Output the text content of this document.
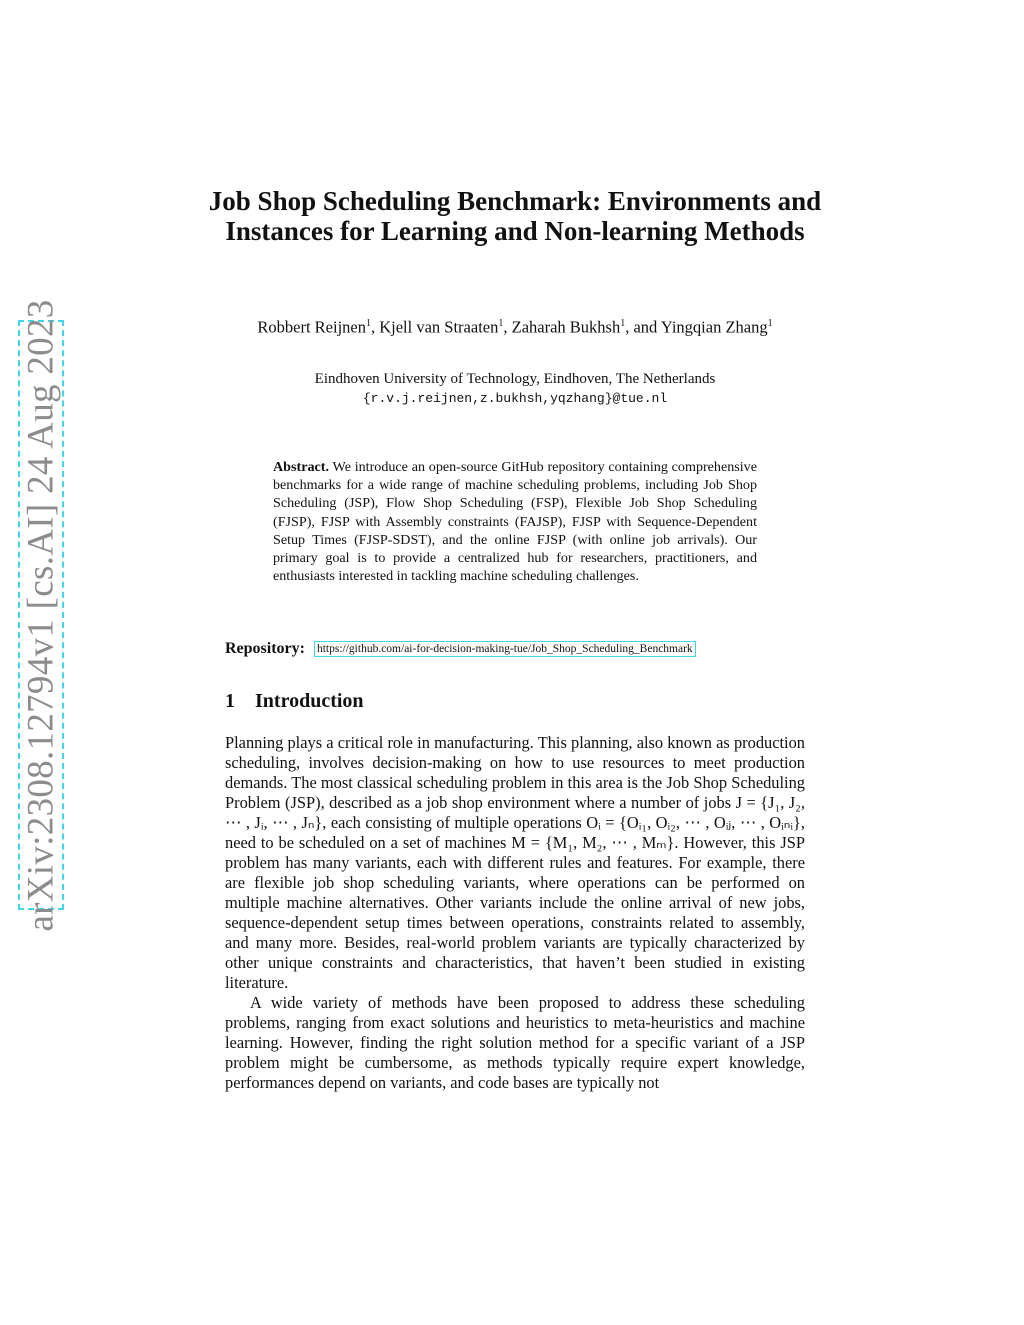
arXiv:2308.12794v1 [cs.AI] 24 Aug 2023
Job Shop Scheduling Benchmark: Environments and Instances for Learning and Non-learning Methods
Robbert Reijnen$^1$, Kjell van Straaten$^1$, Zaharah Bukhsh$^1$, and Yingqian Zhang$^1$
Eindhoven University of Technology, Eindhoven, The Netherlands
{r.v.j.reijnen,z.bukhsh,yqzhang}@tue.nl
Abstract. We introduce an open-source GitHub repository containing comprehensive benchmarks for a wide range of machine scheduling problems, including Job Shop Scheduling (JSP), Flow Shop Scheduling (FSP), Flexible Job Shop Scheduling (FJSP), FJSP with Assembly constraints (FAJSP), FJSP with Sequence-Dependent Setup Times (FJSP-SDST), and the online FJSP (with online job arrivals). Our primary goal is to provide a centralized hub for researchers, practitioners, and enthusiasts interested in tackling machine scheduling challenges.
Repository: https://github.com/ai-for-decision-making-tue/Job_Shop_Scheduling_Benchmark
1 Introduction

Planning plays a critical role in manufacturing. This planning, also known as production scheduling, involves decision-making on how to use resources to meet production demands. The most classical scheduling problem in this area is the Job Shop Scheduling Problem (JSP), described as a job shop environment where a number of jobs J = {J₁, J₂, ⋯ , Jᵢ, ⋯ , Jₙ}, each consisting of multiple operations Oᵢ = {Oᵢ₁, Oᵢ₂, ⋯ , Oᵢⱼ, ⋯ , Oᵢₙᵢ}, need to be scheduled on a set of machines M = {M₁, M₂, ⋯ , Mₘ}. However, this JSP problem has many variants, each with different rules and features. For example, there are flexible job shop scheduling variants, where operations can be performed on multiple machine alternatives. Other variants include the online arrival of new jobs, sequence-dependent setup times between operations, constraints related to assembly, and many more. Besides, real-world problem variants are typically characterized by other unique constraints and characteristics, that haven’t been studied in existing literature.

A wide variety of methods have been proposed to address these scheduling problems, ranging from exact solutions and heuristics to meta-heuristics and machine learning. However, finding the right solution method for a specific variant of a JSP problem might be cumbersome, as methods typically require expert knowledge, performances depend on variants, and code bases are typically not
